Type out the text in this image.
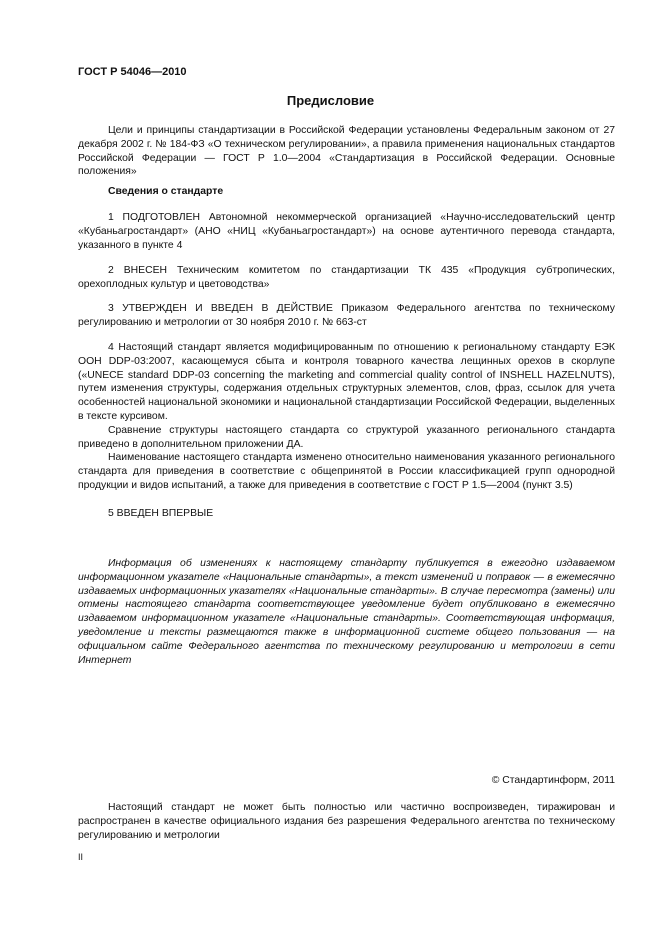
ГОСТ Р 54046—2010
Предисловие

Цели и принципы стандартизации в Российской Федерации установлены Федеральным законом от 27 декабря 2002 г. № 184-ФЗ «О техническом регулировании», а правила применения национальных стандартов Российской Федерации — ГОСТ Р 1.0—2004 «Стандартизация в Российской Федерации. Основные положения»

Сведения о стандарте

1 ПОДГОТОВЛЕН Автономной некоммерческой организацией «Научно-исследовательский центр «Кубаньагростандарт» (АНО «НИЦ «Кубаньагростандарт») на основе аутентичного перевода стандарта, указанного в пункте 4

2 ВНЕСЕН Техническим комитетом по стандартизации ТК 435 «Продукция субтропических, орехоплодных культур и цветоводства»

3 УТВЕРЖДЕН И ВВЕДЕН В ДЕЙСТВИЕ Приказом Федерального агентства по техническому регулированию и метрологии от 30 ноября 2010 г. № 663-ст

4 Настоящий стандарт является модифицированным по отношению к региональному стандарту ЕЭК ООН DDP-03:2007, касающемуся сбыта и контроля товарного качества лещинных орехов в скорлупе («UNECE standard DDP-03 concerning the marketing and commercial quality control of INSHELL HAZELNUTS), путем изменения структуры, содержания отдельных структурных элементов, слов, фраз, ссылок для учета особенностей национальной экономики и национальной стандартизации Российской Федерации, выделенных в тексте курсивом.

Сравнение структуры настоящего стандарта со структурой указанного регионального стандарта приведено в дополнительном приложении ДА.

Наименование настоящего стандарта изменено относительно наименования указанного регионального стандарта для приведения в соответствие с общепринятой в России классификацией групп однородной продукции и видов испытаний, а также для приведения в соответствие с ГОСТ Р 1.5—2004 (пункт 3.5)

5 ВВЕДЕН ВПЕРВЫЕ

Информация об изменениях к настоящему стандарту публикуется в ежегодно издаваемом информационном указателе «Национальные стандарты», а текст изменений и поправок — в ежемесячно издаваемых информационных указателях «Национальные стандарты». В случае пересмотра (замены) или отмены настоящего стандарта соответствующее уведомление будет опубликовано в ежемесячно издаваемом информационном указателе «Национальные стандарты». Соответствующая информация, уведомление и тексты размещаются также в информационной системе общего пользования — на официальном сайте Федерального агентства по техническому регулированию и метрологии в сети Интернет

© Стандартинформ, 2011

Настоящий стандарт не может быть полностью или частично воспроизведен, тиражирован и распространен в качестве официального издания без разрешения Федерального агентства по техническому регулированию и метрологии

II
